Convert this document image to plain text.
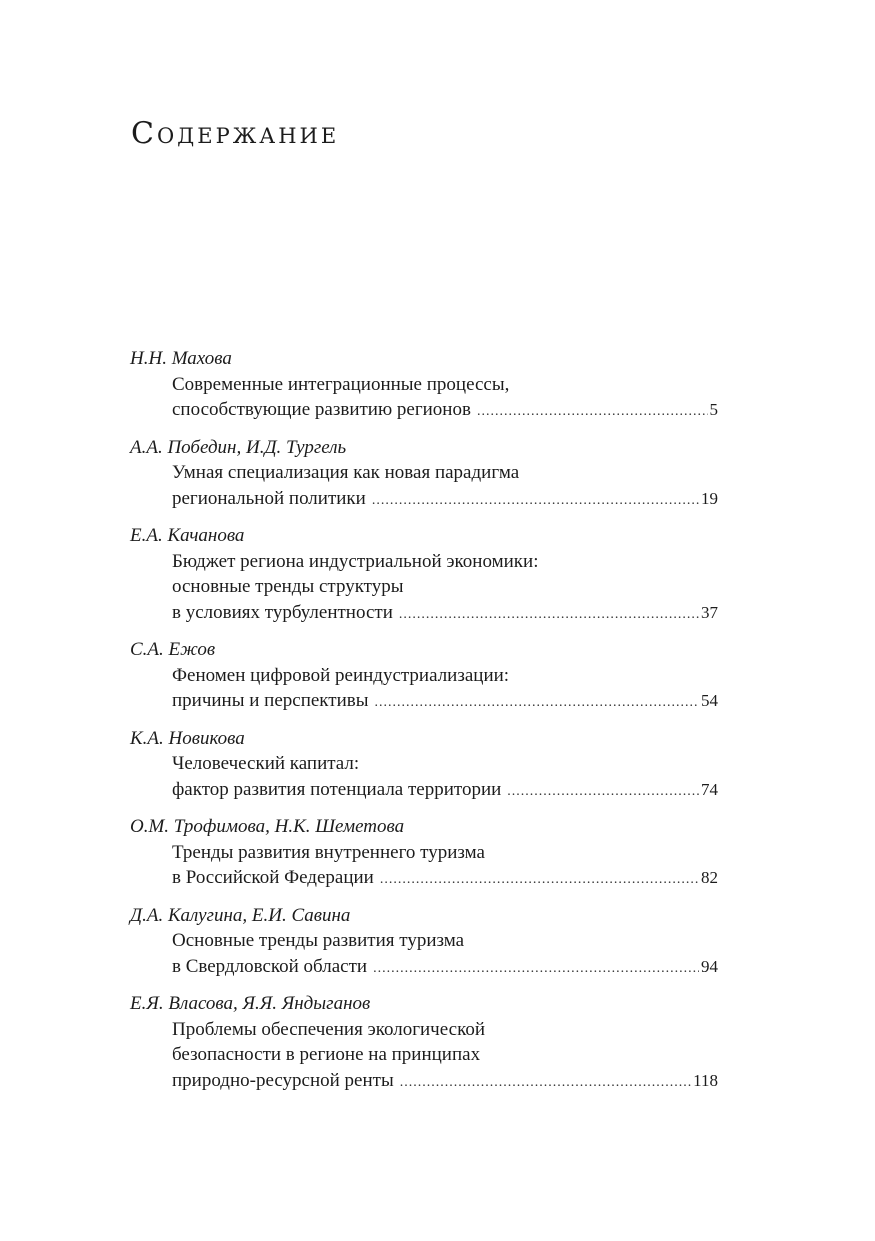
Содержание
Н.Н. Махова
Современные интеграционные процессы,
способствующие развитию регионов .....	5
А.А. Победин, И.Д. Тургель
Умная специализация как новая парадигма
региональной политики .....	19
Е.А. Качанова
Бюджет региона индустриальной экономики:
основные тренды структуры
в условиях турбулентности .....	37
С.А. Ежов
Феномен цифровой реиндустриализации:
причины и перспективы .....	54
К.А. Новикова
Человеческий капитал:
фактор развития потенциала территории .....	74
О.М. Трофимова, Н.К. Шеметова
Тренды развития внутреннего туризма
в Российской Федерации .....	82
Д.А. Калугина, Е.И. Савина
Основные тренды развития туризма
в Свердловской области .....	94
Е.Я. Власова, Я.Я. Яндыганов
Проблемы обеспечения экологической
безопасности в регионе на принципах
природно-ресурсной ренты .....	118
